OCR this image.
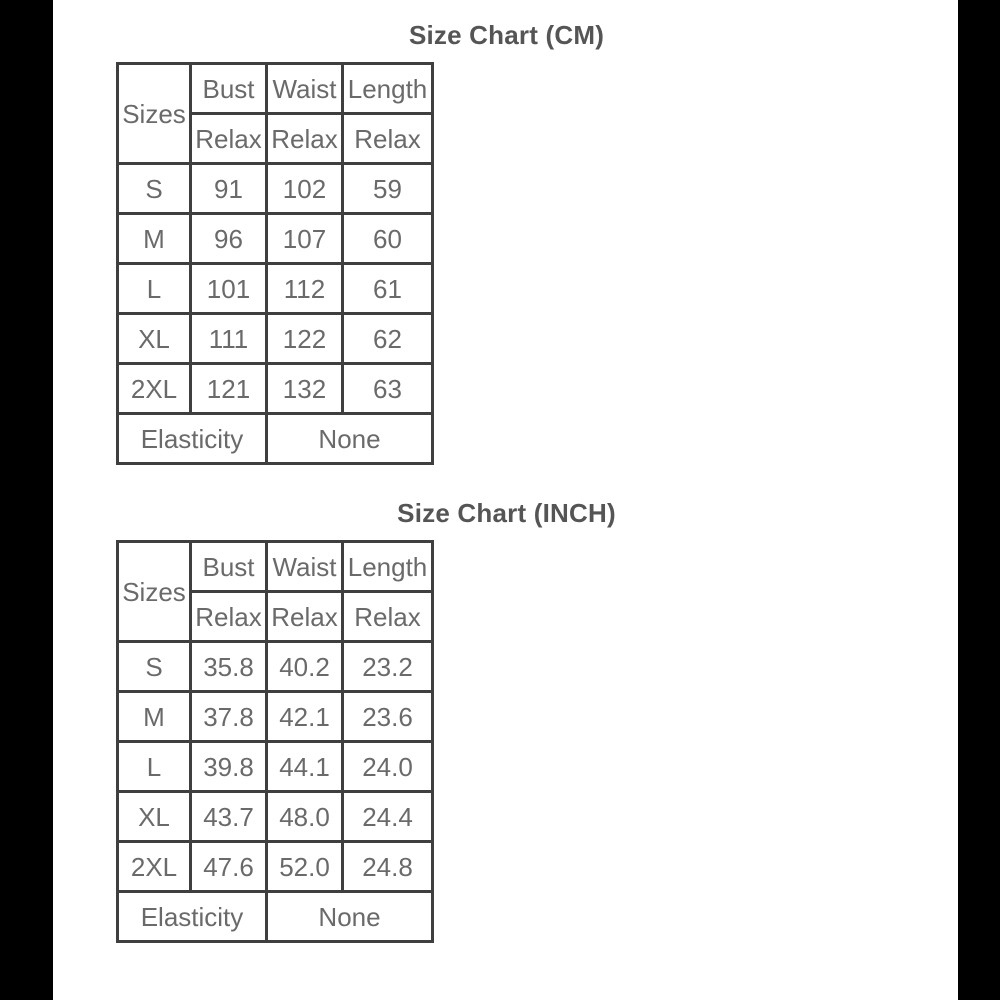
Size Chart (CM)
Sizes	Bust	Waist	Length
	Relax	Relax	Relax
S	91	102	59
M	96	107	60
L	101	112	61
XL	111	122	62
2XL	121	132	63
Elasticity		None	
Size Chart (INCH)
Sizes	Bust	Waist	Length
	Relax	Relax	Relax
S	35.8	40.2	23.2
M	37.8	42.1	23.6
L	39.8	44.1	24.0
XL	43.7	48.0	24.4
2XL	47.6	52.0	24.8
Elasticity		None	
